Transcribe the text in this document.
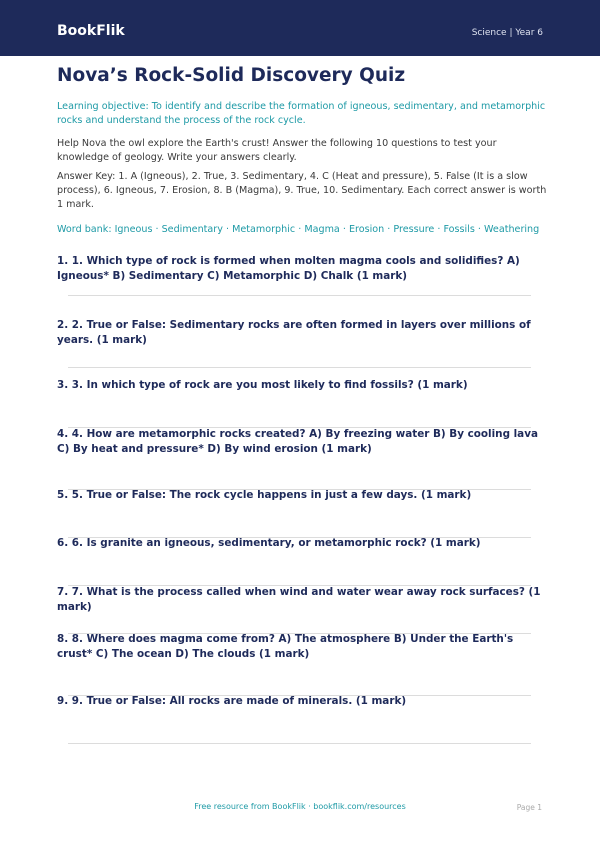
BookFlik	Science | Year 6
Nova’s Rock-Solid Discovery Quiz

Learning objective: To identify and describe the formation of igneous, sedimentary, and metamorphic rocks and understand the process of the rock cycle.

Help Nova the owl explore the Earth's crust! Answer the following 10 questions to test your knowledge of geology. Write your answers clearly.

Answer Key: 1. A (Igneous), 2. True, 3. Sedimentary, 4. C (Heat and pressure), 5. False (It is a slow process), 6. Igneous, 7. Erosion, 8. B (Magma), 9. True, 10. Sedimentary. Each correct answer is worth 1 mark.

Word bank: Igneous · Sedimentary · Metamorphic · Magma · Erosion · Pressure · Fossils · Weathering

1. 1. Which type of rock is formed when molten magma cools and solidifies? A) Igneous* B) Sedimentary C) Metamorphic D) Chalk (1 mark)

2. 2. True or False: Sedimentary rocks are often formed in layers over millions of years. (1 mark)

3. 3. In which type of rock are you most likely to find fossils? (1 mark)

4. 4. How are metamorphic rocks created? A) By freezing water B) By cooling lava C) By heat and pressure* D) By wind erosion (1 mark)

5. 5. True or False: The rock cycle happens in just a few days. (1 mark)

6. 6. Is granite an igneous, sedimentary, or metamorphic rock? (1 mark)

7. 7. What is the process called when wind and water wear away rock surfaces? (1 mark)

8. 8. Where does magma come from? A) The atmosphere B) Under the Earth's crust* C) The ocean D) The clouds (1 mark)

9. 9. True or False: All rocks are made of minerals. (1 mark)

Free resource from BookFlik · bookflik.com/resources	Page 1
